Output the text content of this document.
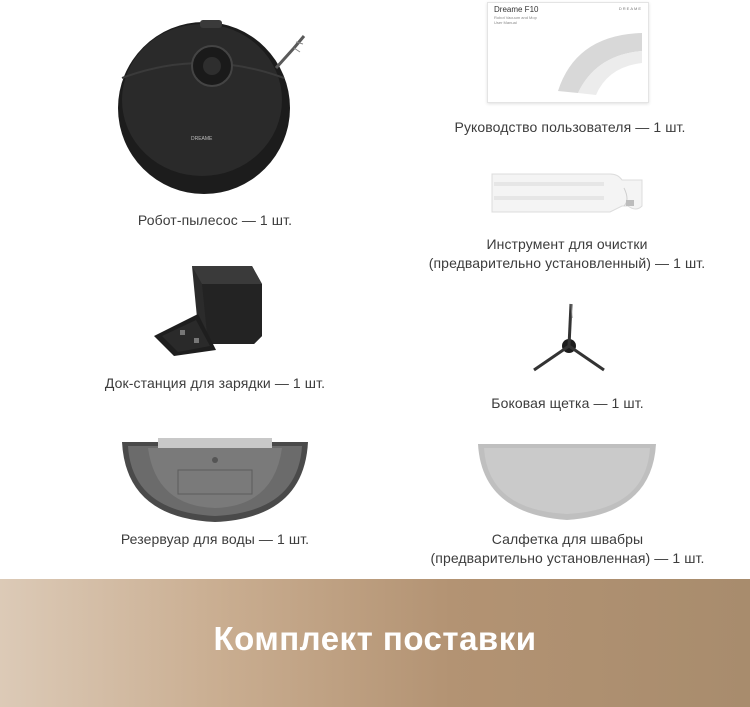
DREAME
Робот-пылесос — 1 шт.
Dreame F10
Robot Vacuum and Mop
User Manual
DREAME
Руководство пользователя — 1 шт.
Инструмент для очистки
(предварительно установленный) — 1 шт.
Док-станция для зарядки — 1 шт.
Боковая щетка — 1 шт.
Резервуар для воды — 1 шт.	Салфетка для швабры
(предварительно установленная) — 1 шт.
Комплект поставки
